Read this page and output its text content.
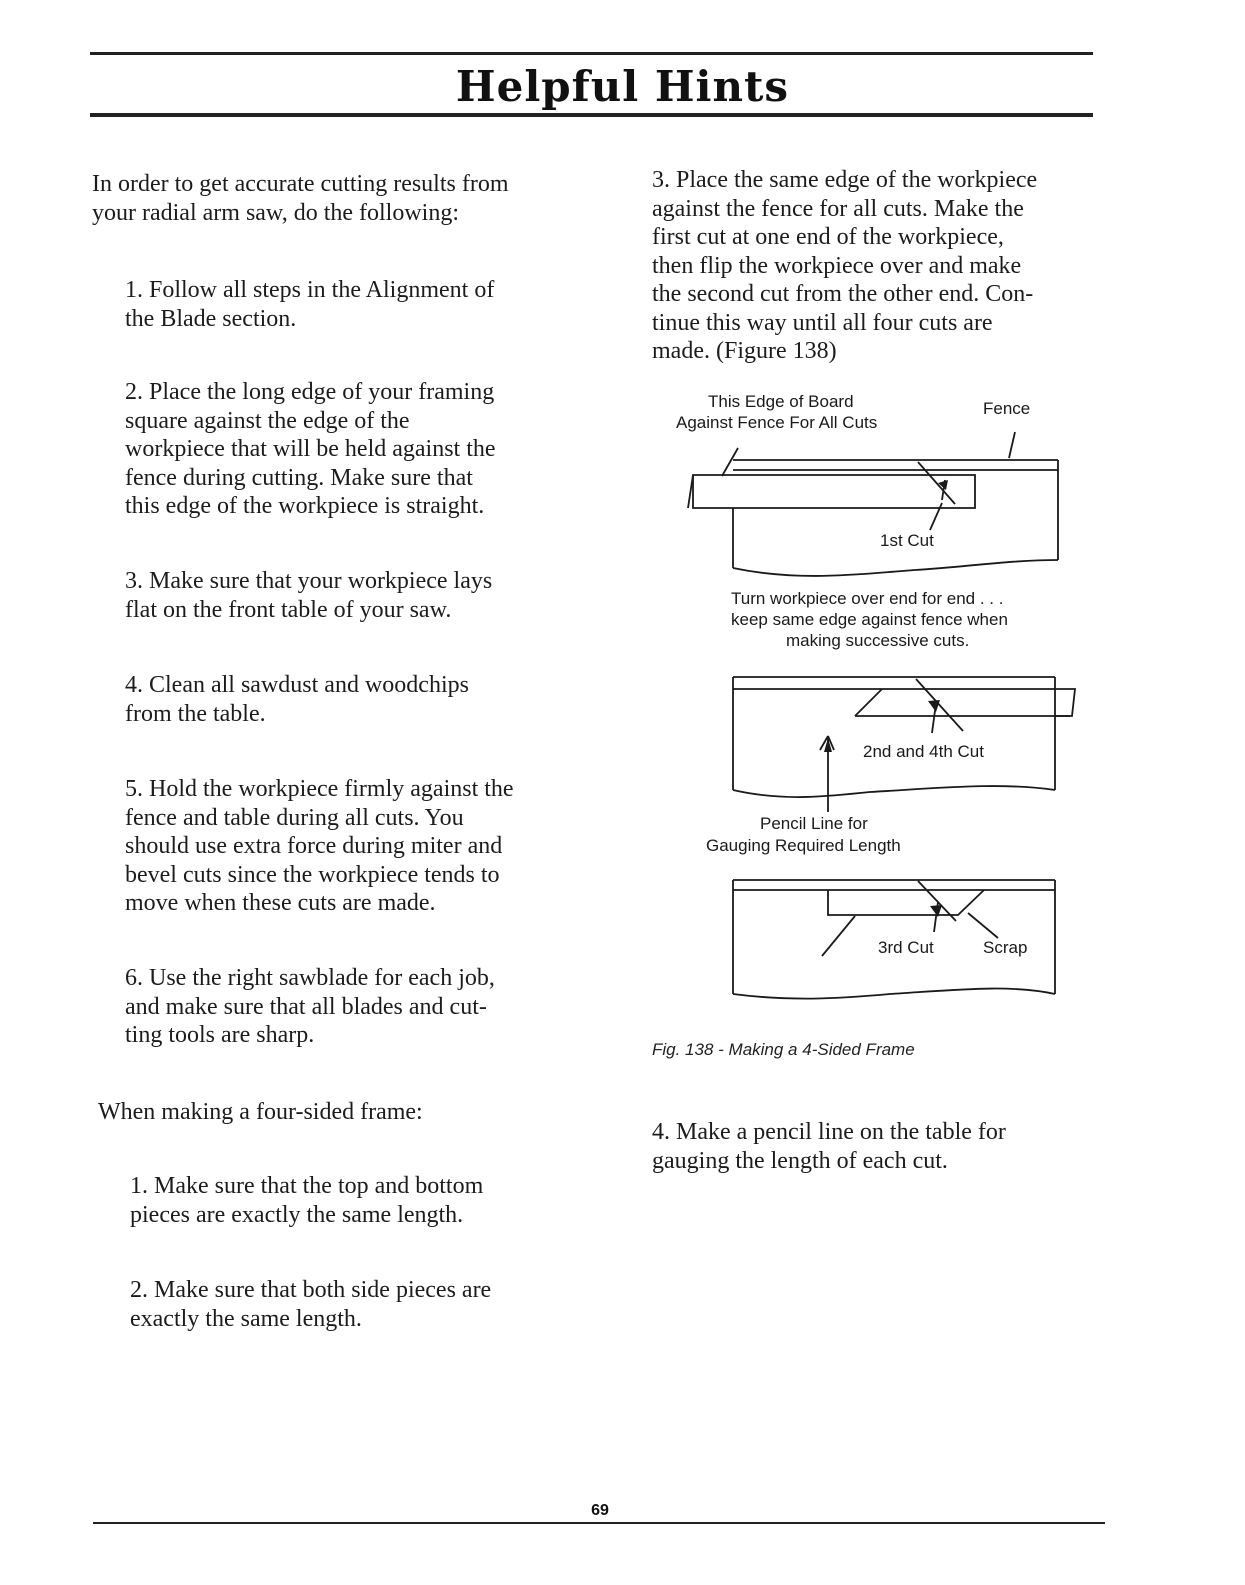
Helpful Hints

In order to get accurate cutting results from
your radial arm saw, do the following:

1. Follow all steps in the Alignment of
the Blade section.

2. Place the long edge of your framing
square against the edge of the
workpiece that will be held against the
fence during cutting. Make sure that
this edge of the workpiece is straight.

3. Make sure that your workpiece lays
flat on the front table of your saw.

4. Clean all sawdust and woodchips
from the table.

5. Hold the workpiece firmly against the
fence and table during all cuts. You
should use extra force during miter and
bevel cuts since the workpiece tends to
move when these cuts are made.

6. Use the right sawblade for each job,
and make sure that all blades and cut-
ting tools are sharp.

When making a four-sided frame:

1. Make sure that the top and bottom
pieces are exactly the same length.

2. Make sure that both side pieces are
exactly the same length.

3. Place the same edge of the workpiece
against the fence for all cuts. Make the
first cut at one end of the workpiece,
then flip the workpiece over and make
the second cut from the other end. Con-
tinue this way until all four cuts are
made. (Figure 138)

4. Make a pencil line on the table for
gauging the length of each cut.

This Edge of Board
Against Fence For All Cuts
Fence
1st Cut
Turn workpiece over end for end . . .
keep same edge against fence when
making successive cuts.
2nd and 4th Cut
Pencil Line for
Gauging Required Length
3rd Cut	Scrap
Fig. 138 - Making a 4-Sided Frame
69
